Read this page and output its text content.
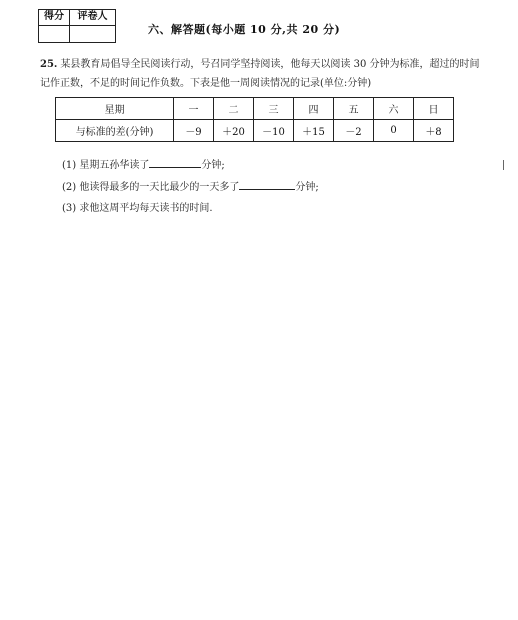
得分	评卷人
六、解答题(每小题 10 分,共 20 分)
25. 某县教育局倡导全民阅读行动，号召同学坚持阅读，他每天以阅读 30 分钟为标准，超过的时间记作正数，不足的时间记作负数。下表是他一周阅读情况的记录(单位:分钟)
星期	一	二	三	四	五	六	日
与标准的差(分钟)	－9	＋20	－10	＋15	－2	0	＋8
(1) 星期五孙华读了	分钟;
(2) 他读得最多的一天比最少的一天多了	分钟;
(3) 求他这周平均每天读书的时间.
